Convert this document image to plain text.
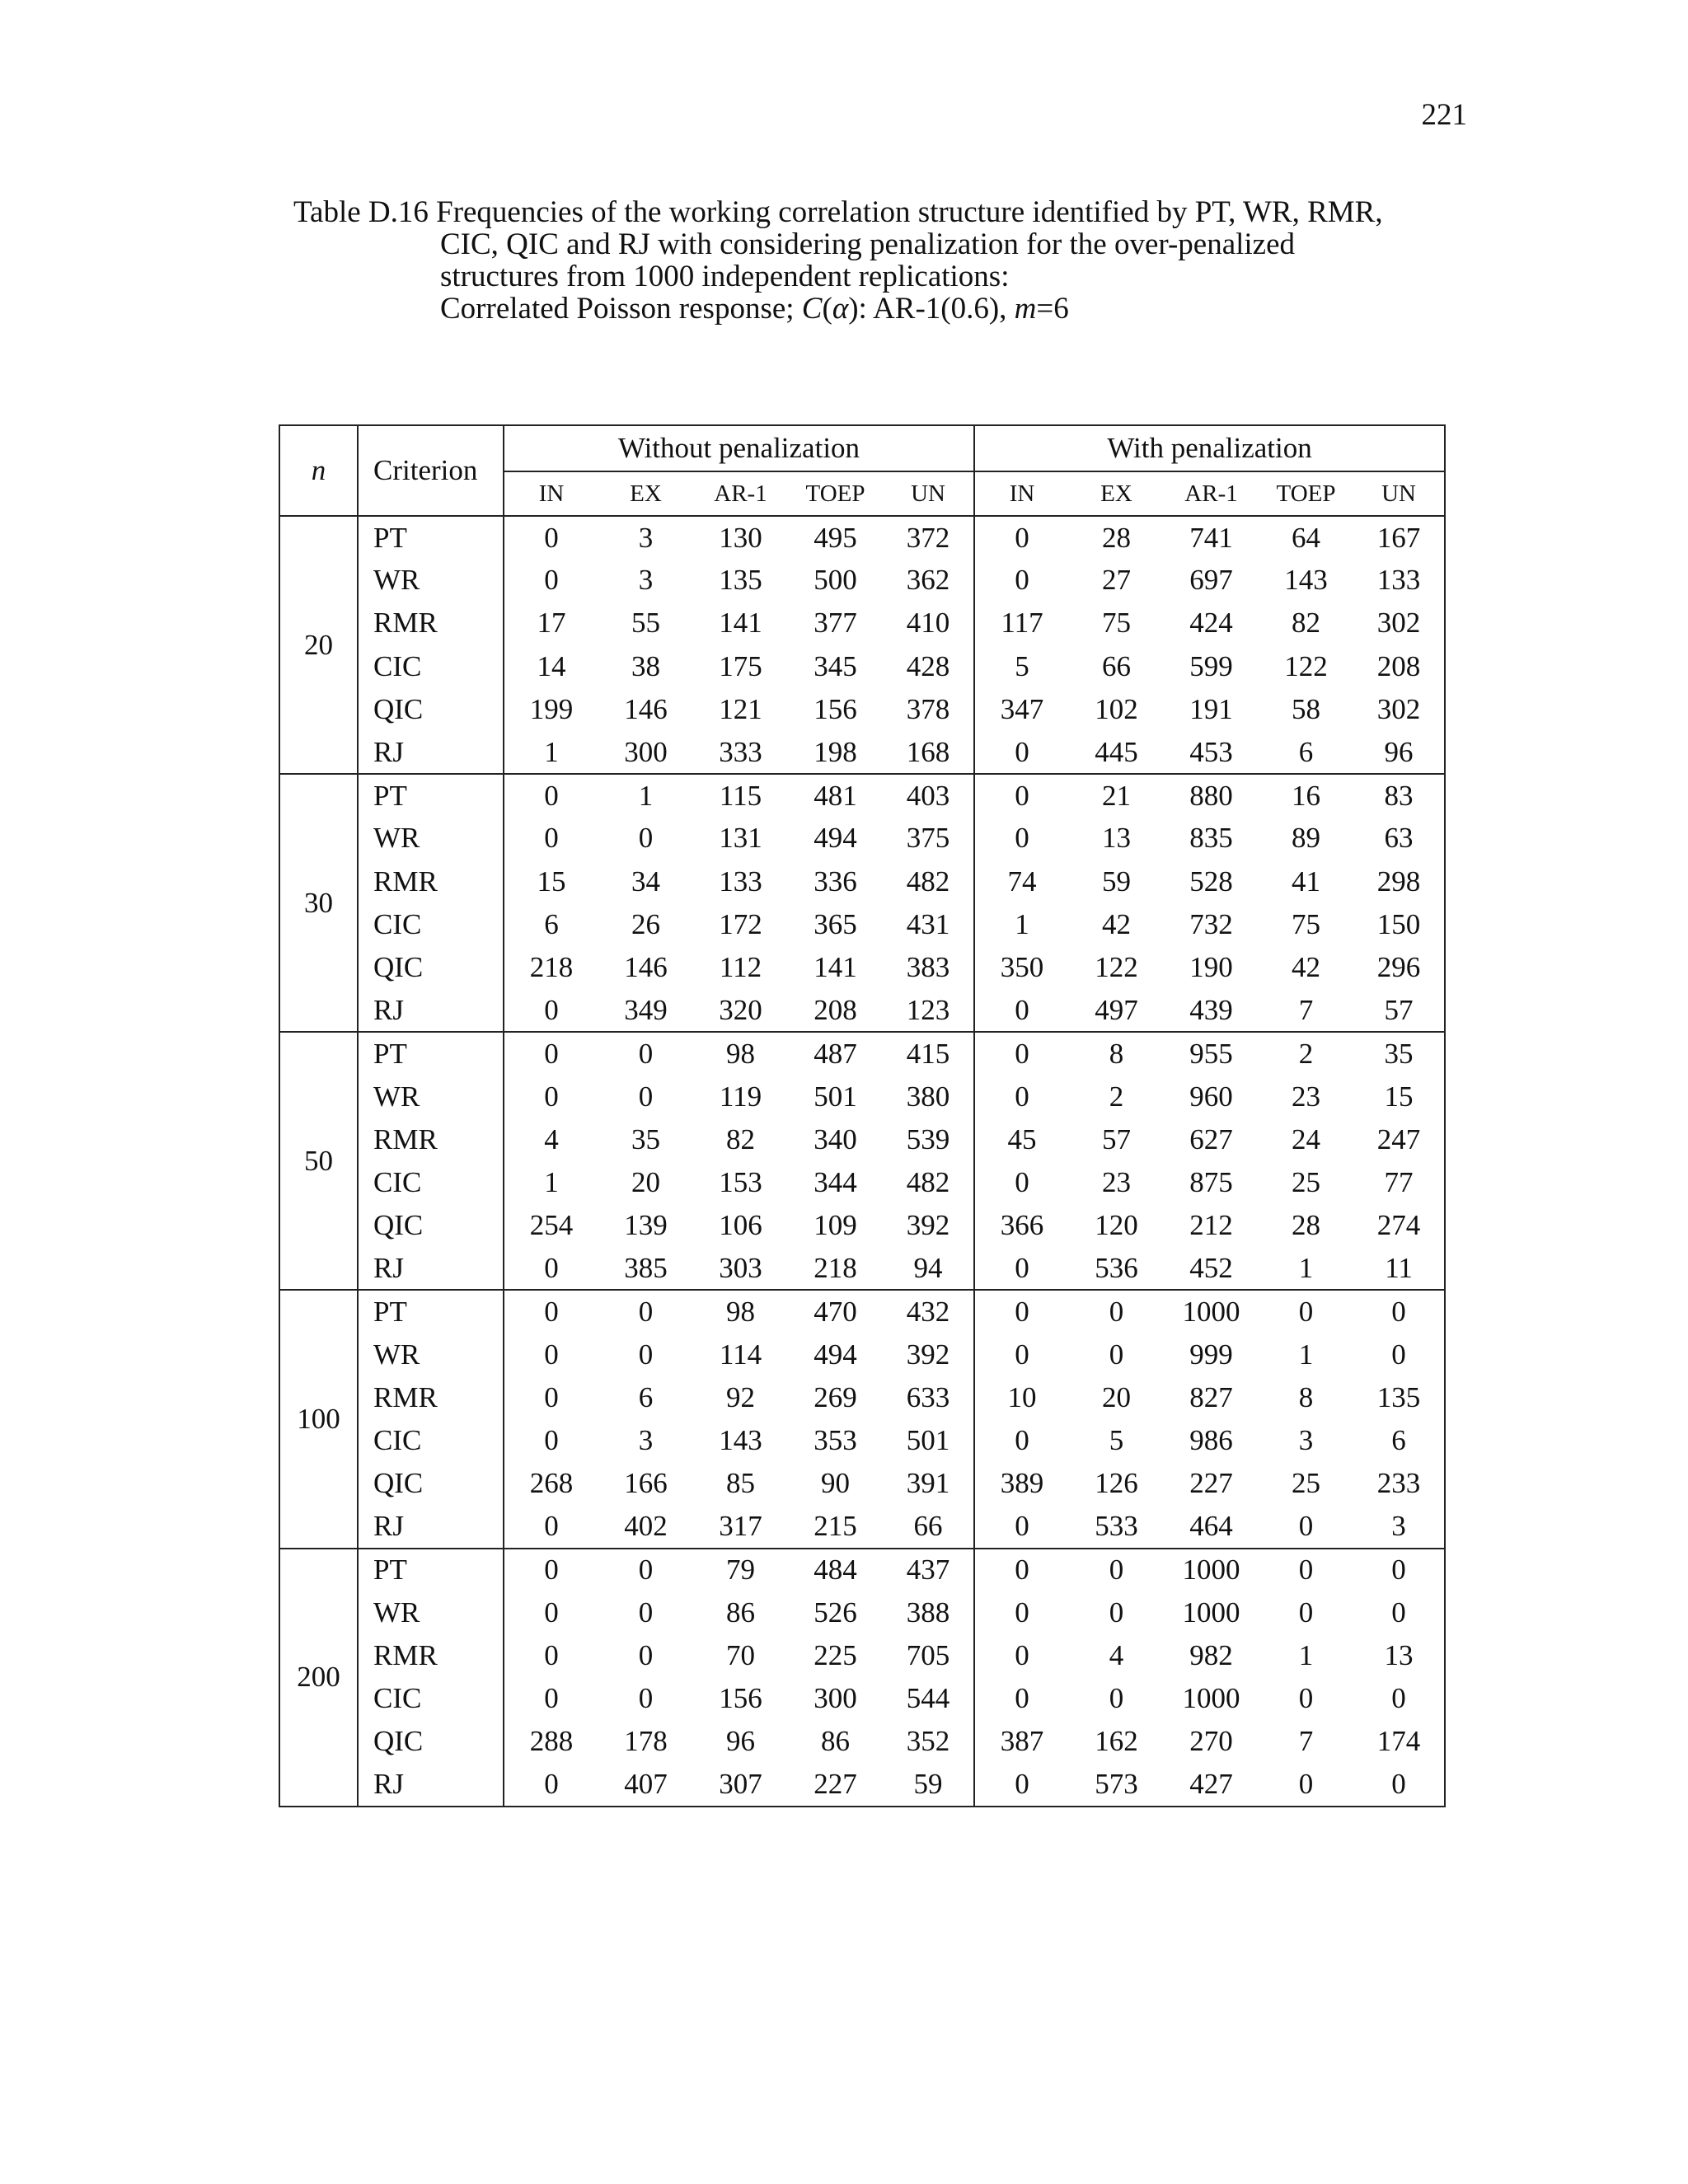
221
Table D.16 Frequencies of the working correlation structure identified by PT, WR, RMR,
CIC, QIC and RJ with considering penalization for the over-penalized
structures from 1000 independent replications:
Correlated Poisson response; C(α): AR-1(0.6), m=6
n	Criterion	Without penalization					With penalization				
		IN	EX	AR-1	TOEP	UN	IN	EX	AR-1	TOEP	UN
20	PT	0	3	130	495	372	0	28	741	64	167
	WR	0	3	135	500	362	0	27	697	143	133
	RMR	17	55	141	377	410	117	75	424	82	302
	CIC	14	38	175	345	428	5	66	599	122	208
	QIC	199	146	121	156	378	347	102	191	58	302
	RJ	1	300	333	198	168	0	445	453	6	96
30	PT	0	1	115	481	403	0	21	880	16	83
	WR	0	0	131	494	375	0	13	835	89	63
	RMR	15	34	133	336	482	74	59	528	41	298
	CIC	6	26	172	365	431	1	42	732	75	150
	QIC	218	146	112	141	383	350	122	190	42	296
	RJ	0	349	320	208	123	0	497	439	7	57
50	PT	0	0	98	487	415	0	8	955	2	35
	WR	0	0	119	501	380	0	2	960	23	15
	RMR	4	35	82	340	539	45	57	627	24	247
	CIC	1	20	153	344	482	0	23	875	25	77
	QIC	254	139	106	109	392	366	120	212	28	274
	RJ	0	385	303	218	94	0	536	452	1	11
100	PT	0	0	98	470	432	0	0	1000	0	0
	WR	0	0	114	494	392	0	0	999	1	0
	RMR	0	6	92	269	633	10	20	827	8	135
	CIC	0	3	143	353	501	0	5	986	3	6
	QIC	268	166	85	90	391	389	126	227	25	233
	RJ	0	402	317	215	66	0	533	464	0	3
200	PT	0	0	79	484	437	0	0	1000	0	0
	WR	0	0	86	526	388	0	0	1000	0	0
	RMR	0	0	70	225	705	0	4	982	1	13
	CIC	0	0	156	300	544	0	0	1000	0	0
	QIC	288	178	96	86	352	387	162	270	7	174
	RJ	0	407	307	227	59	0	573	427	0	0
